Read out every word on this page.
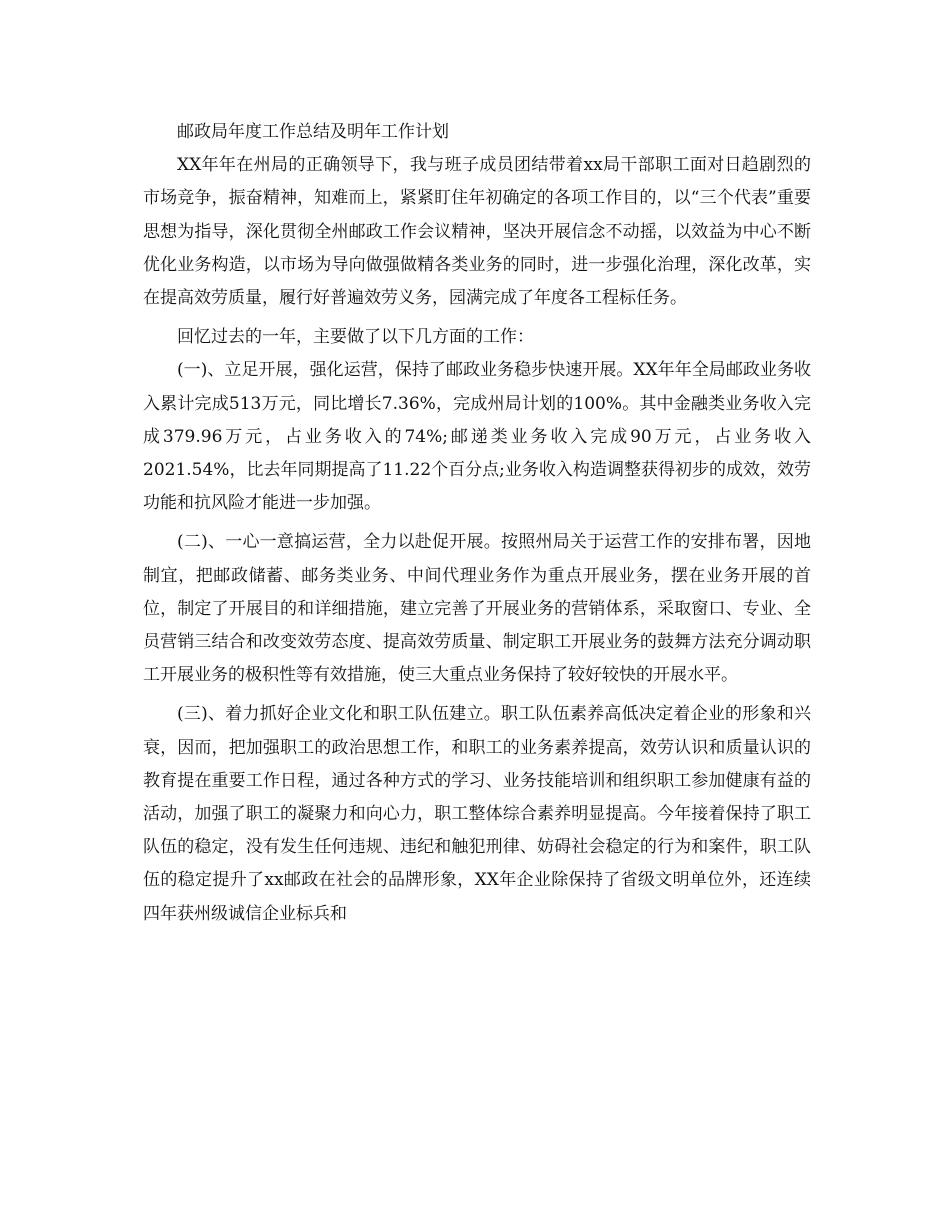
邮政局年度工作总结及明年工作计划

XX年年在州局的正确领导下，我与班子成员团结带着xx局干部职工面对日趋剧烈的市场竞争，振奋精神，知难而上，紧紧盯住年初确定的各项工作目的，以“三个代表”重要思想为指导，深化贯彻全州邮政工作会议精神，坚决开展信念不动摇，以效益为中心不断优化业务构造，以市场为导向做强做精各类业务的同时，进一步强化治理，深化改革，实在提高效劳质量，履行好普遍效劳义务，园满完成了年度各工程标任务。

回忆过去的一年，主要做了以下几方面的工作：

(一)、立足开展，强化运营，保持了邮政业务稳步快速开展。XX年年全局邮政业务收入累计完成513万元，同比增长7.36%，完成州局计划的100%。其中金融类业务收入完成379.96万元，占业务收入的74%;邮递类业务收入完成90万元，占业务收入2021.54%，比去年同期提高了11.22个百分点;业务收入构造调整获得初步的成效，效劳功能和抗风险才能进一步加强。

(二)、一心一意搞运营，全力以赴促开展。按照州局关于运营工作的安排布署，因地制宜，把邮政储蓄、邮务类业务、中间代理业务作为重点开展业务，摆在业务开展的首位，制定了开展目的和详细措施，建立完善了开展业务的营销体系，采取窗口、专业、全员营销三结合和改变效劳态度、提高效劳质量、制定职工开展业务的鼓舞方法充分调动职工开展业务的极积性等有效措施，使三大重点业务保持了较好较快的开展水平。

(三)、着力抓好企业文化和职工队伍建立。职工队伍素养高低决定着企业的形象和兴衰，因而，把加强职工的政治思想工作，和职工的业务素养提高，效劳认识和质量认识的教育提在重要工作日程，通过各种方式的学习、业务技能培训和组织职工参加健康有益的活动，加强了职工的凝聚力和向心力，职工整体综合素养明显提高。今年接着保持了职工队伍的稳定，没有发生任何违规、违纪和触犯刑律、妨碍社会稳定的行为和案件，职工队伍的稳定提升了xx邮政在社会的品牌形象，XX年企业除保持了省级文明单位外，还连续四年获州级诚信企业标兵和
